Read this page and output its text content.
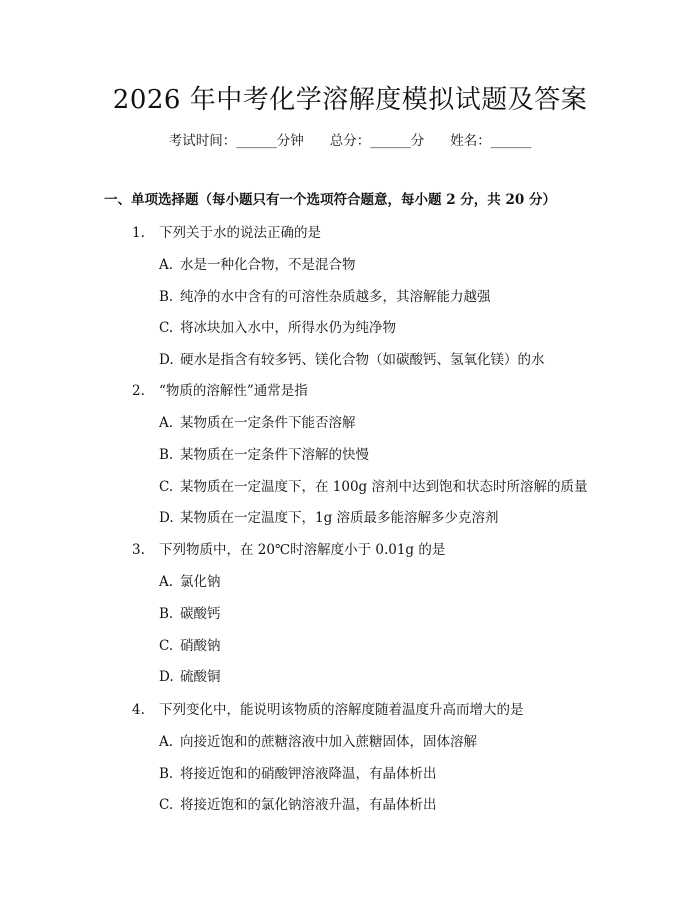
2026 年中考化学溶解度模拟试题及答案
考试时间：______分钟 总分：______分 姓名：______
一、单项选择题（每小题只有一个选项符合题意，每小题 2 分，共 20 分）
1. 下列关于水的说法正确的是
A. 水是一种化合物，不是混合物
B. 纯净的水中含有的可溶性杂质越多，其溶解能力越强
C. 将冰块加入水中，所得水仍为纯净物
D. 硬水是指含有较多钙、镁化合物（如碳酸钙、氢氧化镁）的水
2. “物质的溶解性”通常是指
A. 某物质在一定条件下能否溶解
B. 某物质在一定条件下溶解的快慢
C. 某物质在一定温度下，在 100g 溶剂中达到饱和状态时所溶解的质量
D. 某物质在一定温度下，1g 溶质最多能溶解多少克溶剂
3. 下列物质中，在 20℃时溶解度小于 0.01g 的是
A. 氯化钠
B. 碳酸钙
C. 硝酸钠
D. 硫酸铜
4. 下列变化中，能说明该物质的溶解度随着温度升高而增大的是
A. 向接近饱和的蔗糖溶液中加入蔗糖固体，固体溶解
B. 将接近饱和的硝酸钾溶液降温，有晶体析出
C. 将接近饱和的氯化钠溶液升温，有晶体析出
